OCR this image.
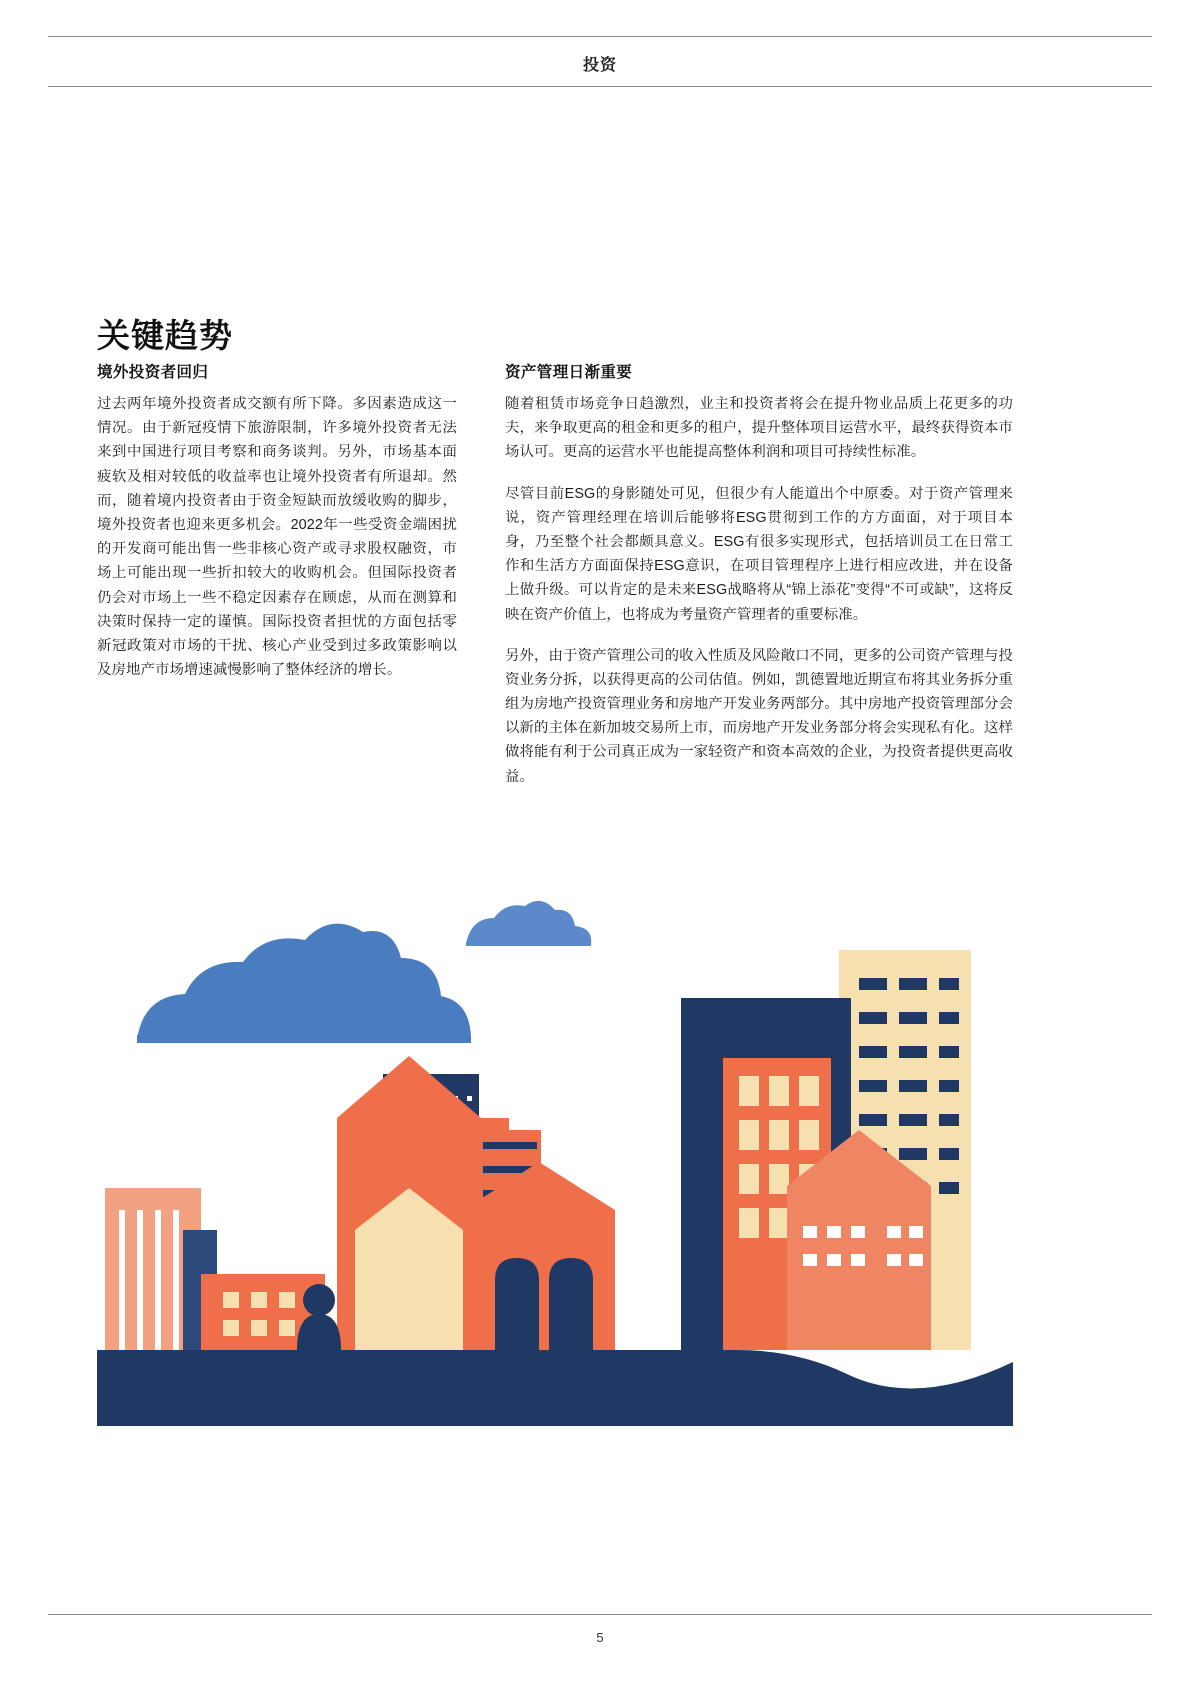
投资
关键趋势
境外投资者回归

过去两年境外投资者成交额有所下降。多因素造成这一情况。由于新冠疫情下旅游限制，许多境外投资者无法来到中国进行项目考察和商务谈判。另外，市场基本面疲软及相对较低的收益率也让境外投资者有所退却。然而，随着境内投资者由于资金短缺而放缓收购的脚步，境外投资者也迎来更多机会。2022年一些受资金端困扰的开发商可能出售一些非核心资产或寻求股权融资，市场上可能出现一些折扣较大的收购机会。但国际投资者仍会对市场上一些不稳定因素存在顾虑，从而在测算和决策时保持一定的谨慎。国际投资者担忧的方面包括零新冠政策对市场的干扰、核心产业受到过多政策影响以及房地产市场增速减慢影响了整体经济的增长。

资产管理日渐重要

随着租赁市场竞争日趋激烈，业主和投资者将会在提升物业品质上花更多的功夫，来争取更高的租金和更多的租户，提升整体项目运营水平，最终获得资本市场认可。更高的运营水平也能提高整体利润和项目可持续性标准。

尽管目前ESG的身影随处可见，但很少有人能道出个中原委。对于资产管理来说，资产管理经理在培训后能够将ESG贯彻到工作的方方面面，对于项目本身，乃至整个社会都颇具意义。ESG有很多实现形式，包括培训员工在日常工作和生活方方面面保持ESG意识，在项目管理程序上进行相应改进，并在设备上做升级。可以肯定的是未来ESG战略将从“锦上添花”变得“不可或缺”，这将反映在资产价值上，也将成为考量资产管理者的重要标准。

另外，由于资产管理公司的收入性质及风险敞口不同，更多的公司资产管理与投资业务分拆，以获得更高的公司估值。例如，凯德置地近期宣布将其业务拆分重组为房地产投资管理业务和房地产开发业务两部分。其中房地产投资管理部分会以新的主体在新加坡交易所上市，而房地产开发业务部分将会实现私有化。这样做将能有利于公司真正成为一家轻资产和资本高效的企业，为投资者提供更高收益。

5
